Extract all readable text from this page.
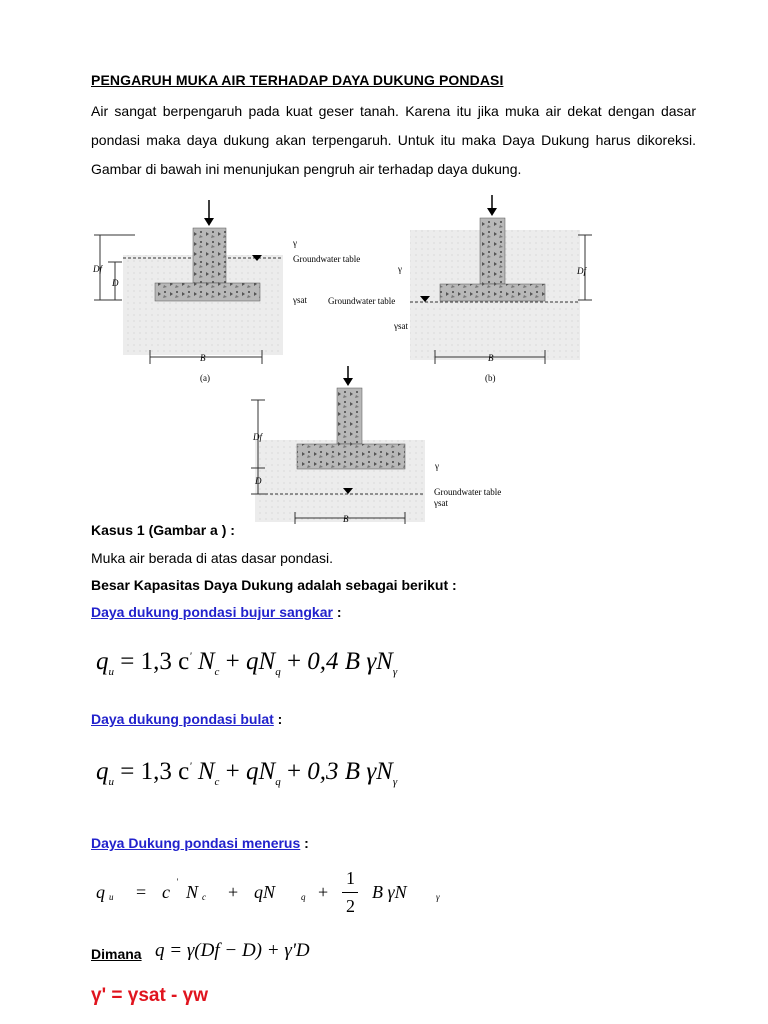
PENGARUH MUKA AIR TERHADAP DAYA DUKUNG PONDASI
Air sangat berpengaruh pada kuat geser tanah. Karena itu jika muka air dekat dengan dasar pondasi maka daya dukung akan terpengaruh. Untuk itu maka Daya Dukung harus dikoreksi. Gambar di bawah ini menunjukan pengruh air terhadap daya dukung.
γ
Groundwater table
γsat
Df
D
B
(a)
γ
Groundwater table
γsat
Df
B
(b)
γ
Groundwater table
γsat
Df
D
B
Kasus 1 (Gambar a ) :
Muka air berada di atas dasar pondasi.
Besar Kapasitas Daya Dukung adalah sebagai berikut :
Daya dukung pondasi bujur sangkar :
$q_u = 1,3$ c' $N_c + qN_q + 0,4$ B $\gamma N_\gamma$
Daya dukung pondasi bulat :
$q_u = 1,3$ c' $N_c + qN_q + 0,3$ B $\gamma N_\gamma$
Daya Dukung pondasi menerus :
q u = c ' N c + qN	q +
1
2
B γN	γ
Dimana q = γ(Df − D) + γ'D
γ' = γsat - γw
